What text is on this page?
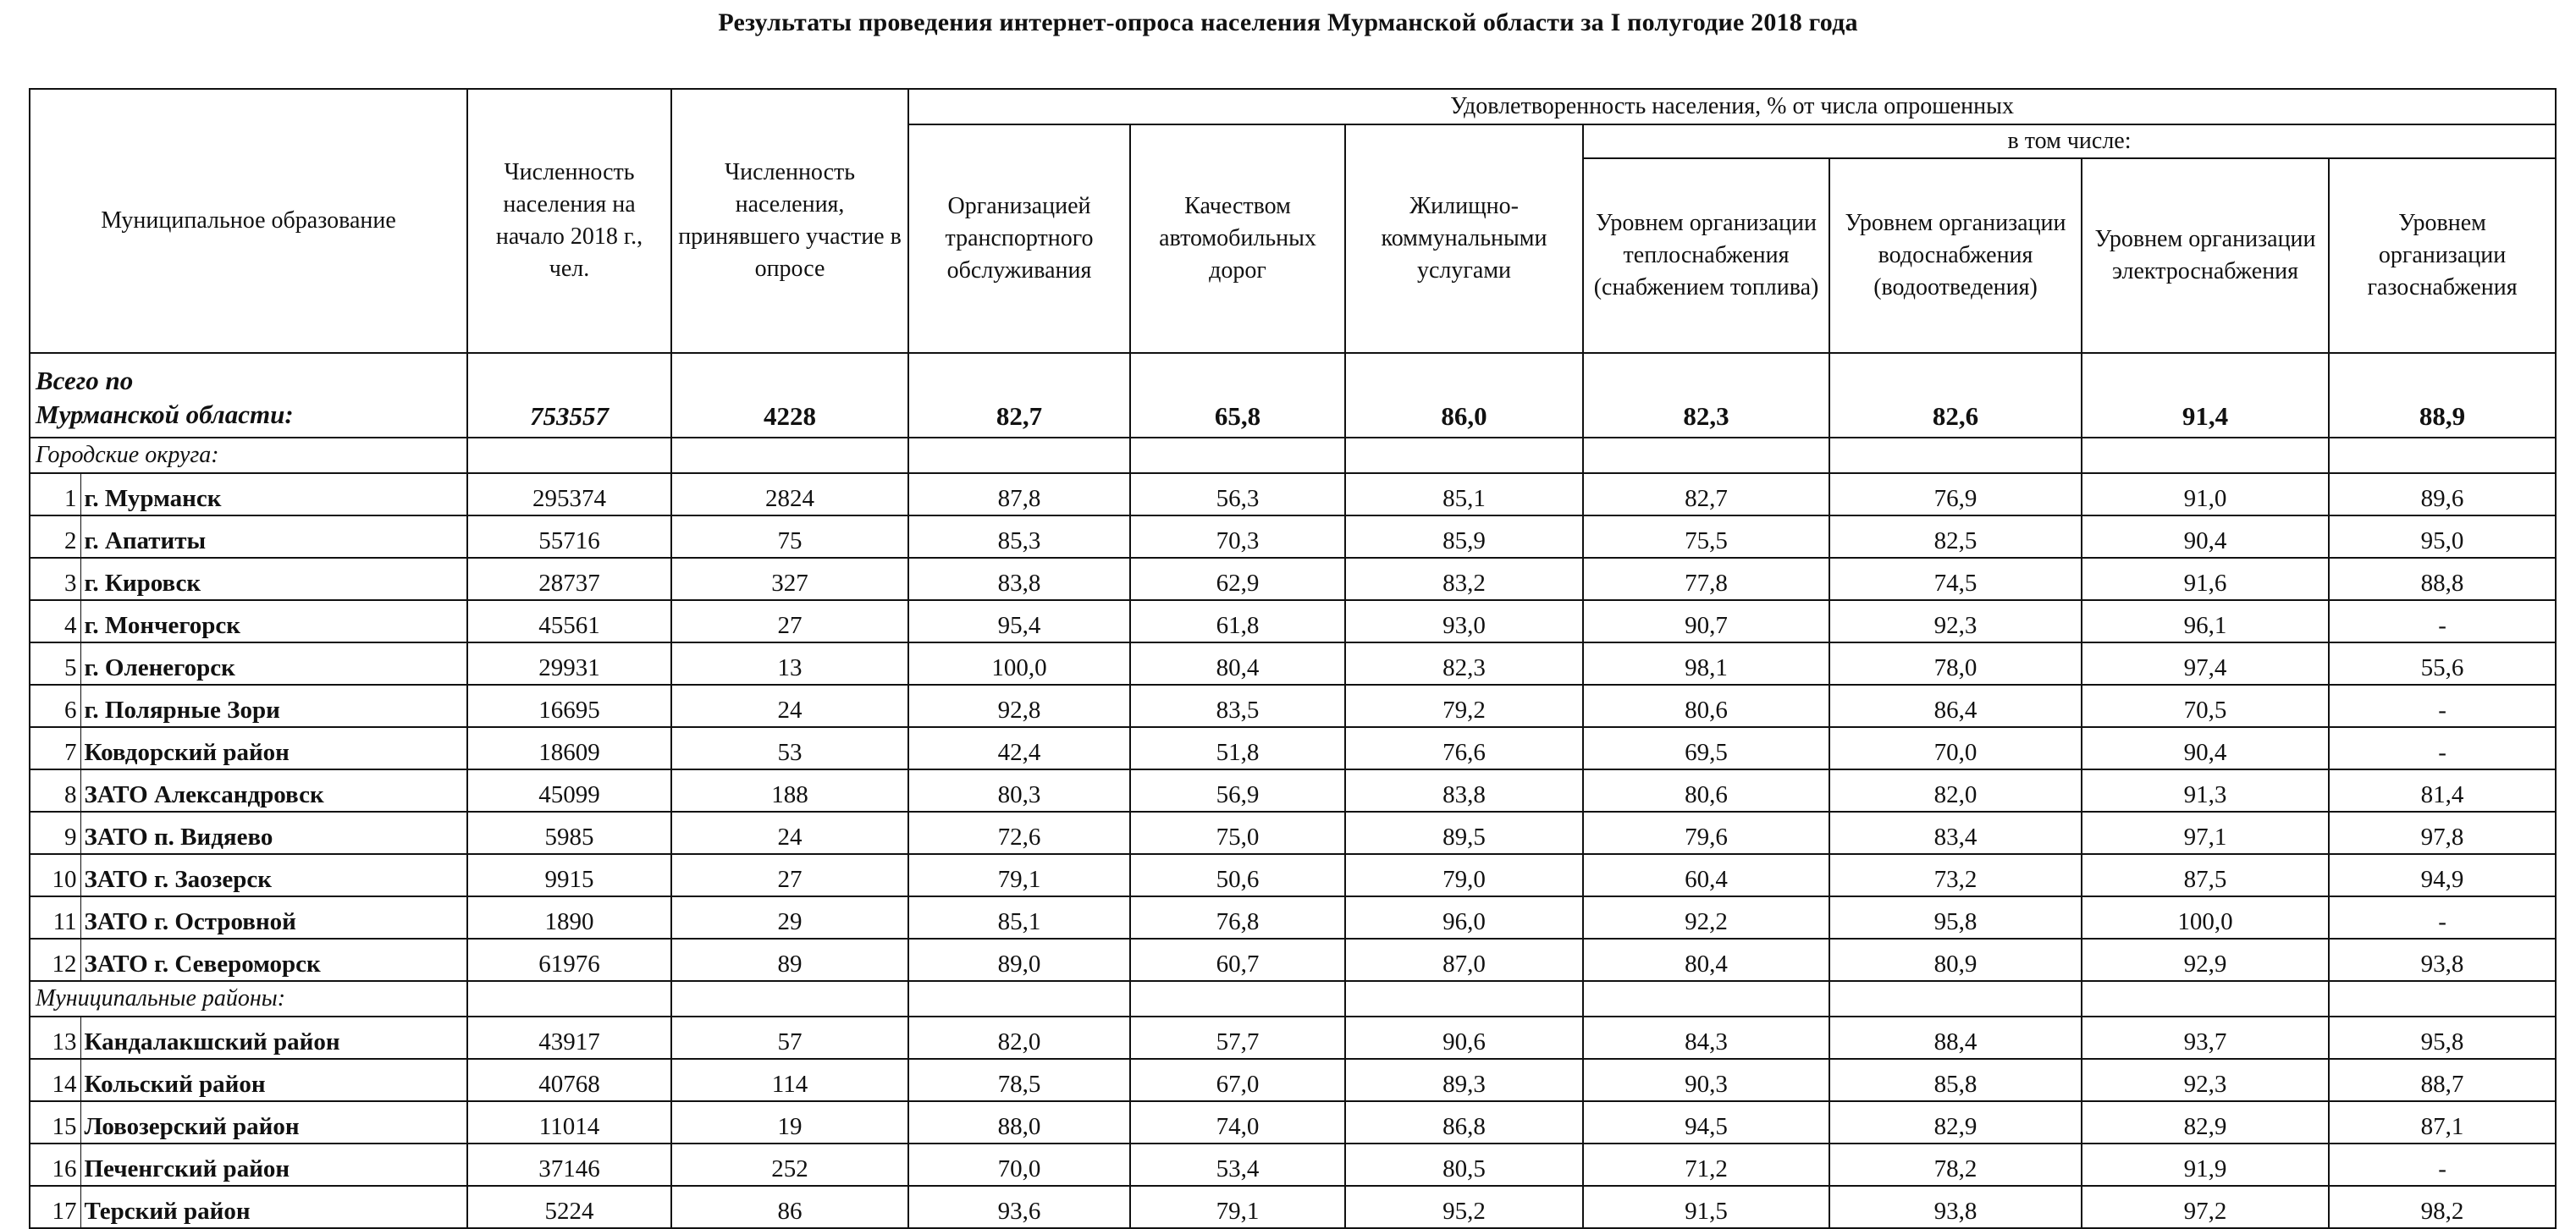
Результаты проведения интернет-опроса населения Мурманской области за I полугодие 2018 года
Муниципальное образование		Численность населения на начало 2018 г., чел.	Численность населения, принявшего участие в опросе	Удовлетворенность населения, % от числа опрошенных						
				Организацией транспортного обслуживания	Качеством автомобильных дорог	Жилищно-коммунальными услугами	в том числе:			
							Уровнем организации теплоснабжения (снабжением топлива)	Уровнем организации водоснабжения (водоотведения)	Уровнем организации электроснабжения	Уровнем организации газоснабжения
Всего по
Мурманской области:		753557	4228	82,7	65,8	86,0	82,3	82,6	91,4	88,9
Городские округа:										
1	г. Мурманск	295374	2824	87,8	56,3	85,1	82,7	76,9	91,0	89,6
2	г. Апатиты	55716	75	85,3	70,3	85,9	75,5	82,5	90,4	95,0
3	г. Кировск	28737	327	83,8	62,9	83,2	77,8	74,5	91,6	88,8
4	г. Мончегорск	45561	27	95,4	61,8	93,0	90,7	92,3	96,1	-
5	г. Оленегорск	29931	13	100,0	80,4	82,3	98,1	78,0	97,4	55,6
6	г. Полярные Зори	16695	24	92,8	83,5	79,2	80,6	86,4	70,5	-
7	Ковдорский район	18609	53	42,4	51,8	76,6	69,5	70,0	90,4	-
8	ЗАТО Александровск	45099	188	80,3	56,9	83,8	80,6	82,0	91,3	81,4
9	ЗАТО п. Видяево	5985	24	72,6	75,0	89,5	79,6	83,4	97,1	97,8
10	ЗАТО г. Заозерск	9915	27	79,1	50,6	79,0	60,4	73,2	87,5	94,9
11	ЗАТО г. Островной	1890	29	85,1	76,8	96,0	92,2	95,8	100,0	-
12	ЗАТО г. Североморск	61976	89	89,0	60,7	87,0	80,4	80,9	92,9	93,8
Муниципальные районы:										
13	Кандалакшский район	43917	57	82,0	57,7	90,6	84,3	88,4	93,7	95,8
14	Кольский район	40768	114	78,5	67,0	89,3	90,3	85,8	92,3	88,7
15	Ловозерский район	11014	19	88,0	74,0	86,8	94,5	82,9	82,9	87,1
16	Печенгский район	37146	252	70,0	53,4	80,5	71,2	78,2	91,9	-
17	Терский район	5224	86	93,6	79,1	95,2	91,5	93,8	97,2	98,2
